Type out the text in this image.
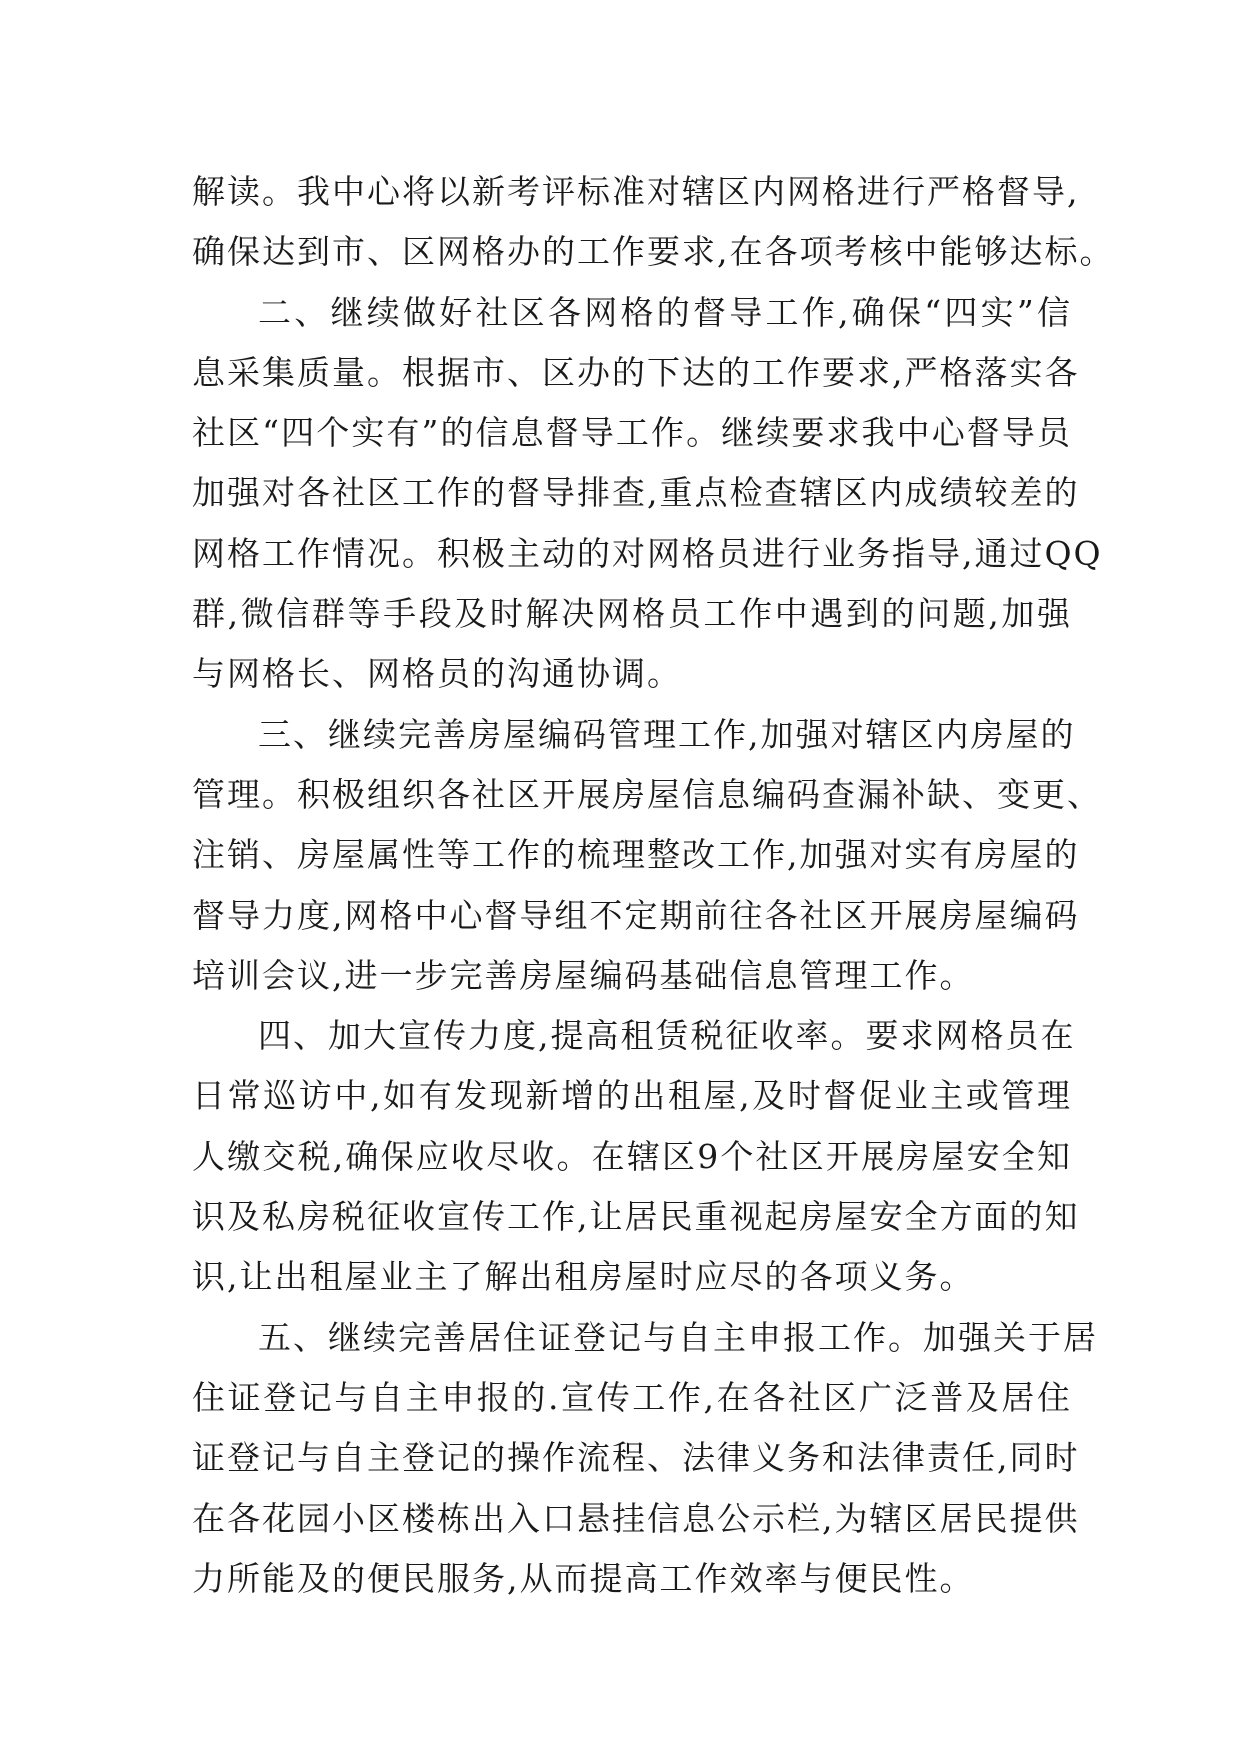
解读。我中心将以新考评标准对辖区内网格进行严格督导,
确保达到市、区网格办的工作要求,在各项考核中能够达标。
二、继续做好社区各网格的督导工作,确保“四实”信
息采集质量。根据市、区办的下达的工作要求,严格落实各
社区“四个实有”的信息督导工作。继续要求我中心督导员
加强对各社区工作的督导排查,重点检查辖区内成绩较差的
网格工作情况。积极主动的对网格员进行业务指导,通过QQ
群,微信群等手段及时解决网格员工作中遇到的问题,加强
与网格长、网格员的沟通协调。
三、继续完善房屋编码管理工作,加强对辖区内房屋的
管理。积极组织各社区开展房屋信息编码查漏补缺、变更、
注销、房屋属性等工作的梳理整改工作,加强对实有房屋的
督导力度,网格中心督导组不定期前往各社区开展房屋编码
培训会议,进一步完善房屋编码基础信息管理工作。
四、加大宣传力度,提高租赁税征收率。要求网格员在
日常巡访中,如有发现新增的出租屋,及时督促业主或管理
人缴交税,确保应收尽收。在辖区9个社区开展房屋安全知
识及私房税征收宣传工作,让居民重视起房屋安全方面的知
识,让出租屋业主了解出租房屋时应尽的各项义务。
五、继续完善居住证登记与自主申报工作。加强关于居
住证登记与自主申报的.宣传工作,在各社区广泛普及居住
证登记与自主登记的操作流程、法律义务和法律责任,同时
在各花园小区楼栋出入口悬挂信息公示栏,为辖区居民提供
力所能及的便民服务,从而提高工作效率与便民性。
